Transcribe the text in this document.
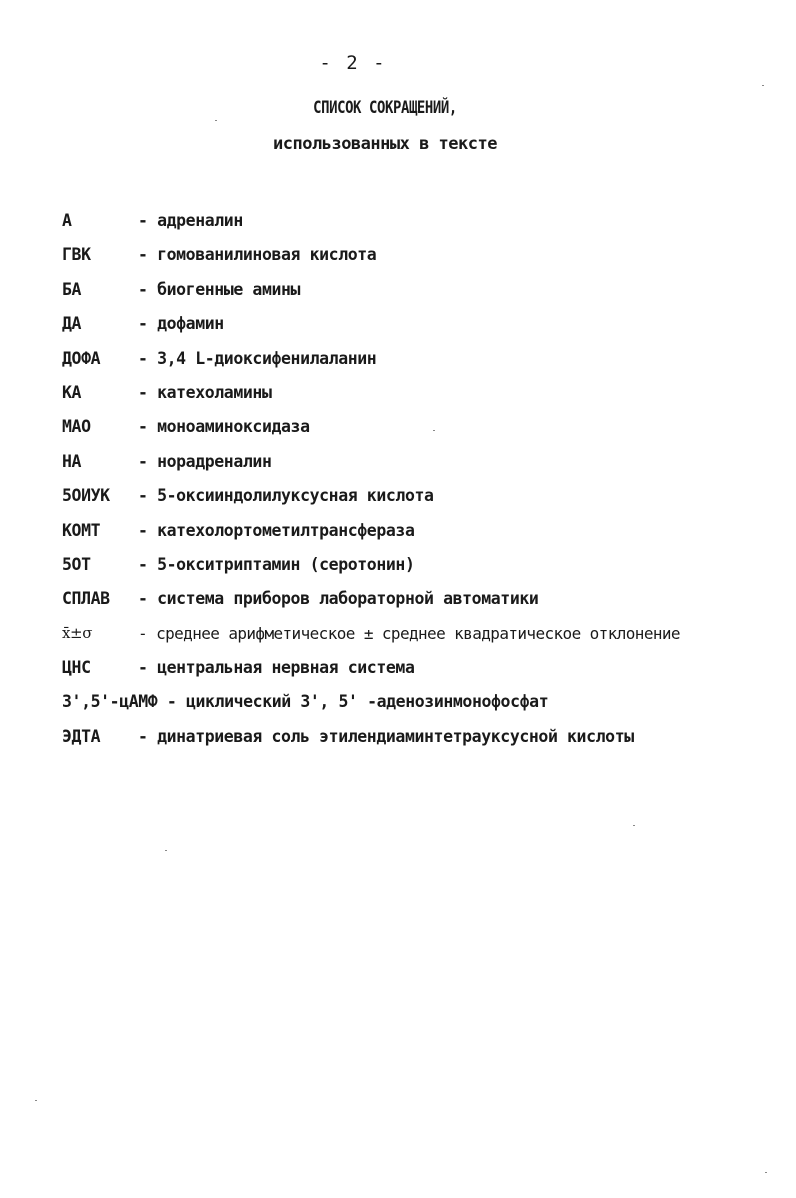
- 2 -
СПИСОК СОКРАЩЕНИЙ,
использованных в тексте
А	- адреналин
ГВК	- гомованилиновая кислота
БА	- биогенные амины
ДА	- дофамин
ДОФА - 3,4 L-диоксифенилаланин
КА	- катехоламины
МАО	- моноаминоксидаза
НА	- норадреналин
5ОИУК - 5-оксииндолилуксусная кислота
КОМТ - катехолортометилтрансфераза
5ОТ	- 5-окситриптамин (серотонин)
СПЛАВ - система приборов лабораторной автоматики
x̄±σ	- среднее арифметическое ± среднее квадратическое отклонение
ЦНС	- центральная нервная система
3',5'-цАМФ - циклический 3', 5' -аденозинмонофосфат
ЭДТА - динатриевая соль этилендиаминтетрауксусной кислоты
